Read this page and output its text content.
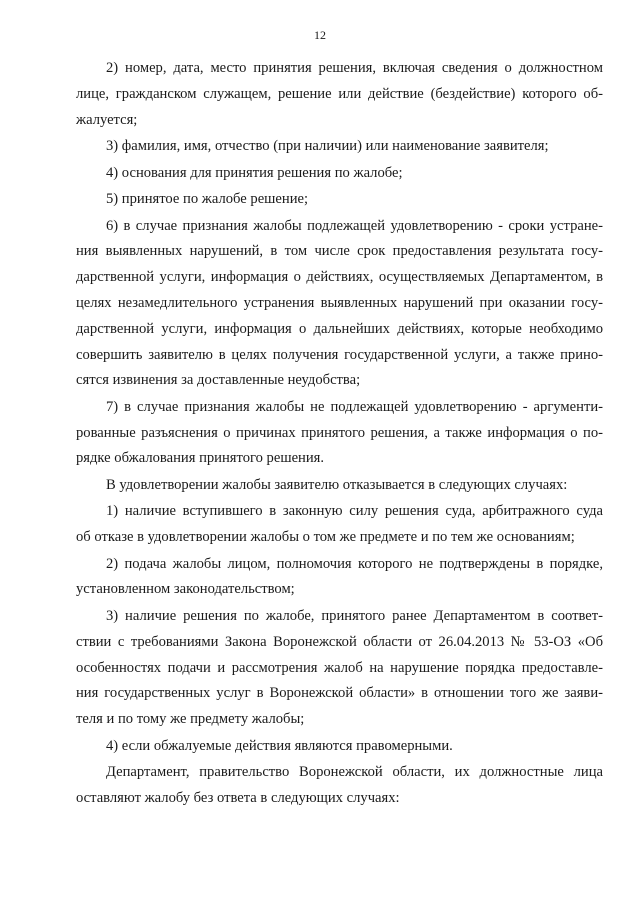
12

2) номер, дата, место принятия решения, включая сведения о должностном
лице, гражданском служащем, решение или действие (бездействие) которого об-
жалуется;

3) фамилия, имя, отчество (при наличии) или наименование заявителя;

4) основания для принятия решения по жалобе;

5) принятое по жалобе решение;

6) в случае признания жалобы подлежащей удовлетворению - сроки устране-
ния выявленных нарушений, в том числе срок предоставления результата госу-
дарственной услуги, информация о действиях, осуществляемых Департаментом, в
целях незамедлительного устранения выявленных нарушений при оказании госу-
дарственной услуги, информация о дальнейших действиях, которые необходимо
совершить заявителю в целях получения государственной услуги, а также прино-
сятся извинения за доставленные неудобства;

7) в случае признания жалобы не подлежащей удовлетворению - аргументи-
рованные разъяснения о причинах принятого решения, а также информация о по-
рядке обжалования принятого решения.

В удовлетворении жалобы заявителю отказывается в следующих случаях:

1) наличие вступившего в законную силу решения суда, арбитражного суда
об отказе в удовлетворении жалобы о том же предмете и по тем же основаниям;

2) подача жалобы лицом, полномочия которого не подтверждены в порядке,
установленном законодательством;

3) наличие решения по жалобе, принятого ранее Департаментом в соответ-
ствии с требованиями Закона Воронежской области от 26.04.2013 № 53-ОЗ «Об
особенностях подачи и рассмотрения жалоб на нарушение порядка предоставле-
ния государственных услуг в Воронежской области» в отношении того же заяви-
теля и по тому же предмету жалобы;

4) если обжалуемые действия являются правомерными.

Департамент, правительство Воронежской области, их должностные лица
оставляют жалобу без ответа в следующих случаях:
